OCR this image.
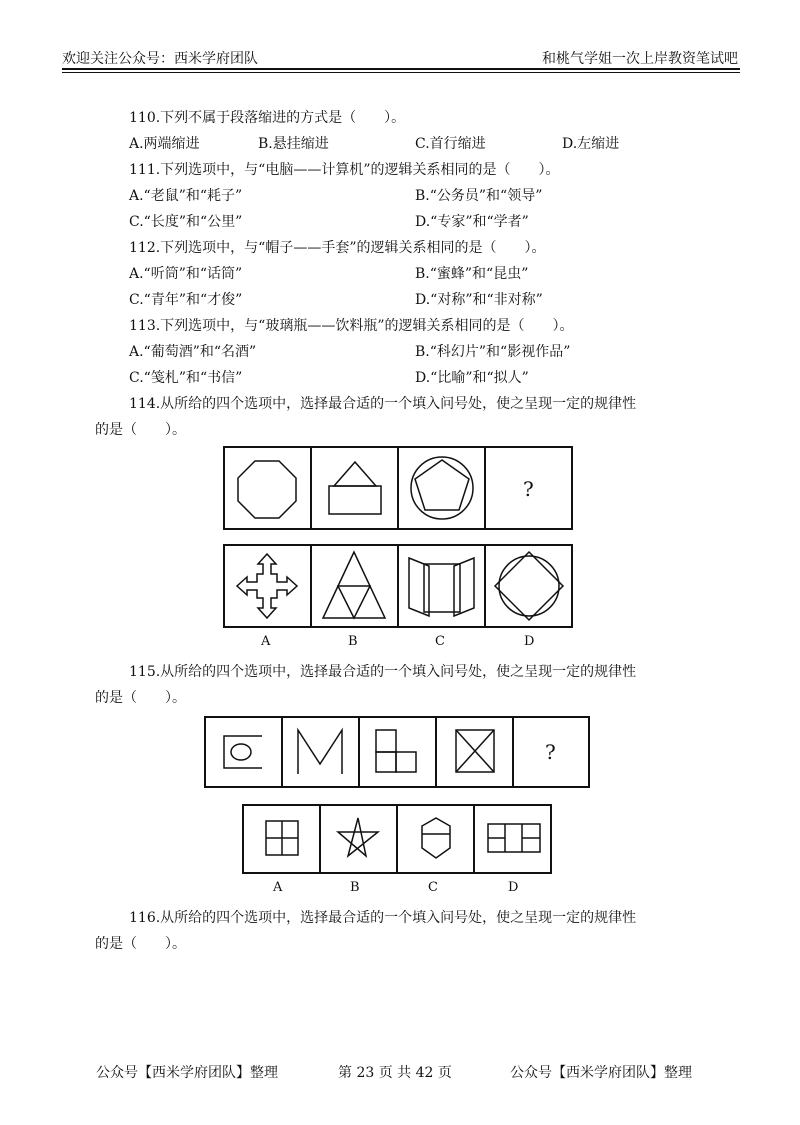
欢迎关注公众号：西米学府团队	和桃气学姐一次上岸教资笔试吧
110.下列不属于段落缩进的方式是（　　）。
A.两端缩进	B.悬挂缩进	C.首行缩进	D.左缩进
111.下列选项中，与“电脑——计算机”的逻辑关系相同的是（　　）。
A.“老鼠”和“耗子”	B.“公务员”和“领导”
C.“长度”和“公里”	D.“专家”和“学者”
112.下列选项中，与“帽子——手套”的逻辑关系相同的是（　　）。
A.“听筒”和“话筒”	B.“蜜蜂”和“昆虫”
C.“青年”和“才俊”	D.“对称”和“非对称”
113.下列选项中，与“玻璃瓶——饮料瓶”的逻辑关系相同的是（　　）。
A.“葡萄酒”和“名酒”	B.“科幻片”和“影视作品”
C.“笺札”和“书信”	D.“比喻”和“拟人”
114.从所给的四个选项中，选择最合适的一个填入问号处，使之呈现一定的规律性
的是（　　）。
?
A	B	C	D
115.从所给的四个选项中，选择最合适的一个填入问号处，使之呈现一定的规律性
的是（　　）。
?
A	B	C	D
116.从所给的四个选项中，选择最合适的一个填入问号处，使之呈现一定的规律性
的是（　　）。
公众号【西米学府团队】整理	第 23 页 共 42 页	公众号【西米学府团队】整理
